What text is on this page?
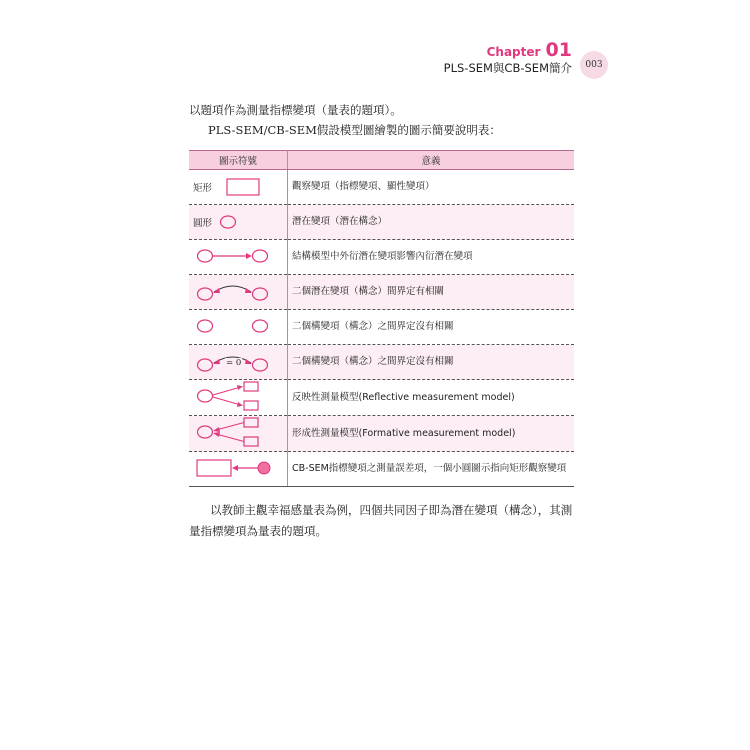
Chapter 01
PLS-SEM與CB-SEM簡介	003
以題項作為測量指標變項（量表的題項）。
PLS-SEM/CB-SEM假設模型圖繪製的圖示簡要說明表：
圖示符號	意義

矩形	觀察變項（指標變項、顯性變項）

圓形	潛在變項（潛在構念）
	結構模型中外衍潛在變項影響內衍潛在變項
	二個潛在變項（構念）間界定有相關
	二個構變項（構念）之間界定沒有相關

= 0	二個構變項（構念）之間界定沒有相關
	反映性測量模型(Reflective measurement model)
	形成性測量模型(Formative measurement model)
	CB-SEM指標變項之測量誤差項，一個小圓圖示指向矩形觀察變項
以教師主觀幸福感量表為例，四個共同因子即為潛在變項（構念），其測量指標變項為量表的題項。
